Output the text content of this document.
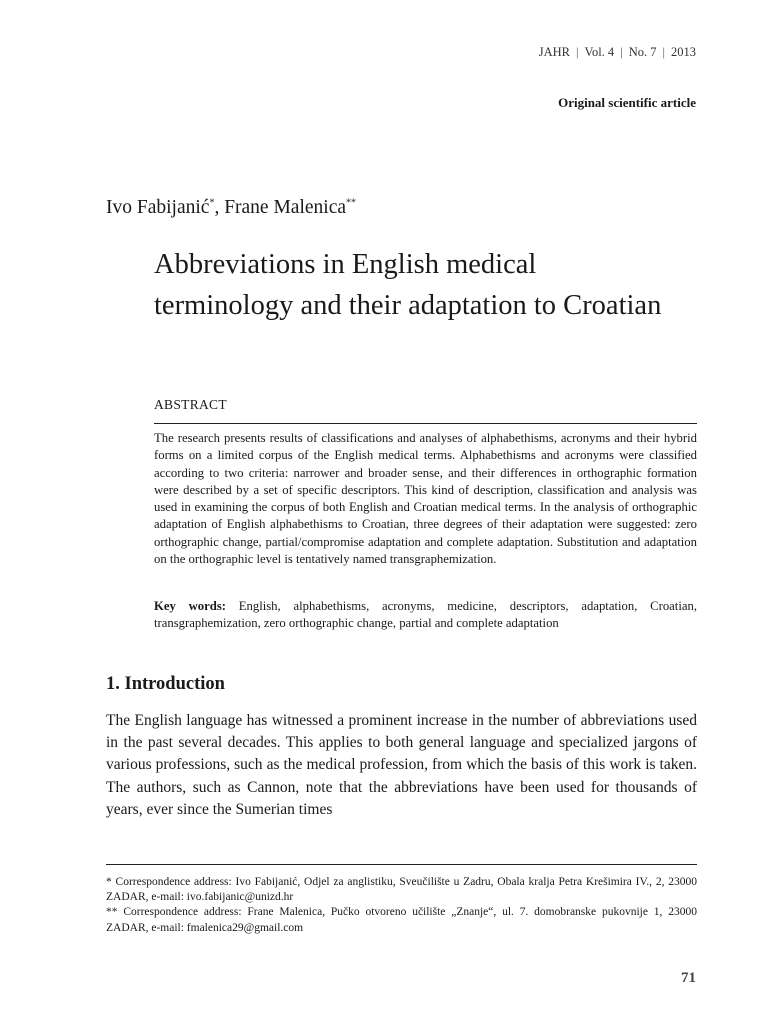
JAHR | Vol. 4 | No. 7 | 2013
Original scientific article
Ivo Fabijanić*, Frane Malenica**
Abbreviations in English medical terminology and their adaptation to Croatian
ABSTRACT

The research presents results of classifications and analyses of alphabethisms, acronyms and their hybrid forms on a limited corpus of the English medical terms. Alphabethisms and acronyms were classified according to two criteria: narrower and broader sense, and their differences in orthographic formation were described by a set of specific descriptors. This kind of description, classification and analysis was used in examining the corpus of both English and Croatian medical terms. In the analysis of orthographic adaptation of English alphabethisms to Croatian, three degrees of their adaptation were suggested: zero orthographic change, partial/compromise adaptation and complete adaptation. Substitution and adaptation on the orthographic level is tentatively named transgraphemization.

Key words: English, alphabethisms, acronyms, medicine, descriptors, adaptation, Croatian, transgraphemization, zero orthographic change, partial and complete adaptation

1. Introduction

The English language has witnessed a prominent increase in the number of abbreviations used in the past several decades. This applies to both general language and specialized jargons of various professions, such as the medical profession, from which the basis of this work is taken. The authors, such as Cannon, note that the abbreviations have been used for thousands of years, ever since the Sumerian times

* Correspondence address: Ivo Fabijanić, Odjel za anglistiku, Sveučilište u Zadru, Obala kralja Petra Krešimira IV., 2, 23000 ZADAR, e-mail: ivo.fabijanic@unizd.hr

** Correspondence address: Frane Malenica, Pučko otvoreno učilište „Znanje“, ul. 7. domobranske pukovnije 1, 23000 ZADAR, e-mail: fmalenica29@gmail.com

71
